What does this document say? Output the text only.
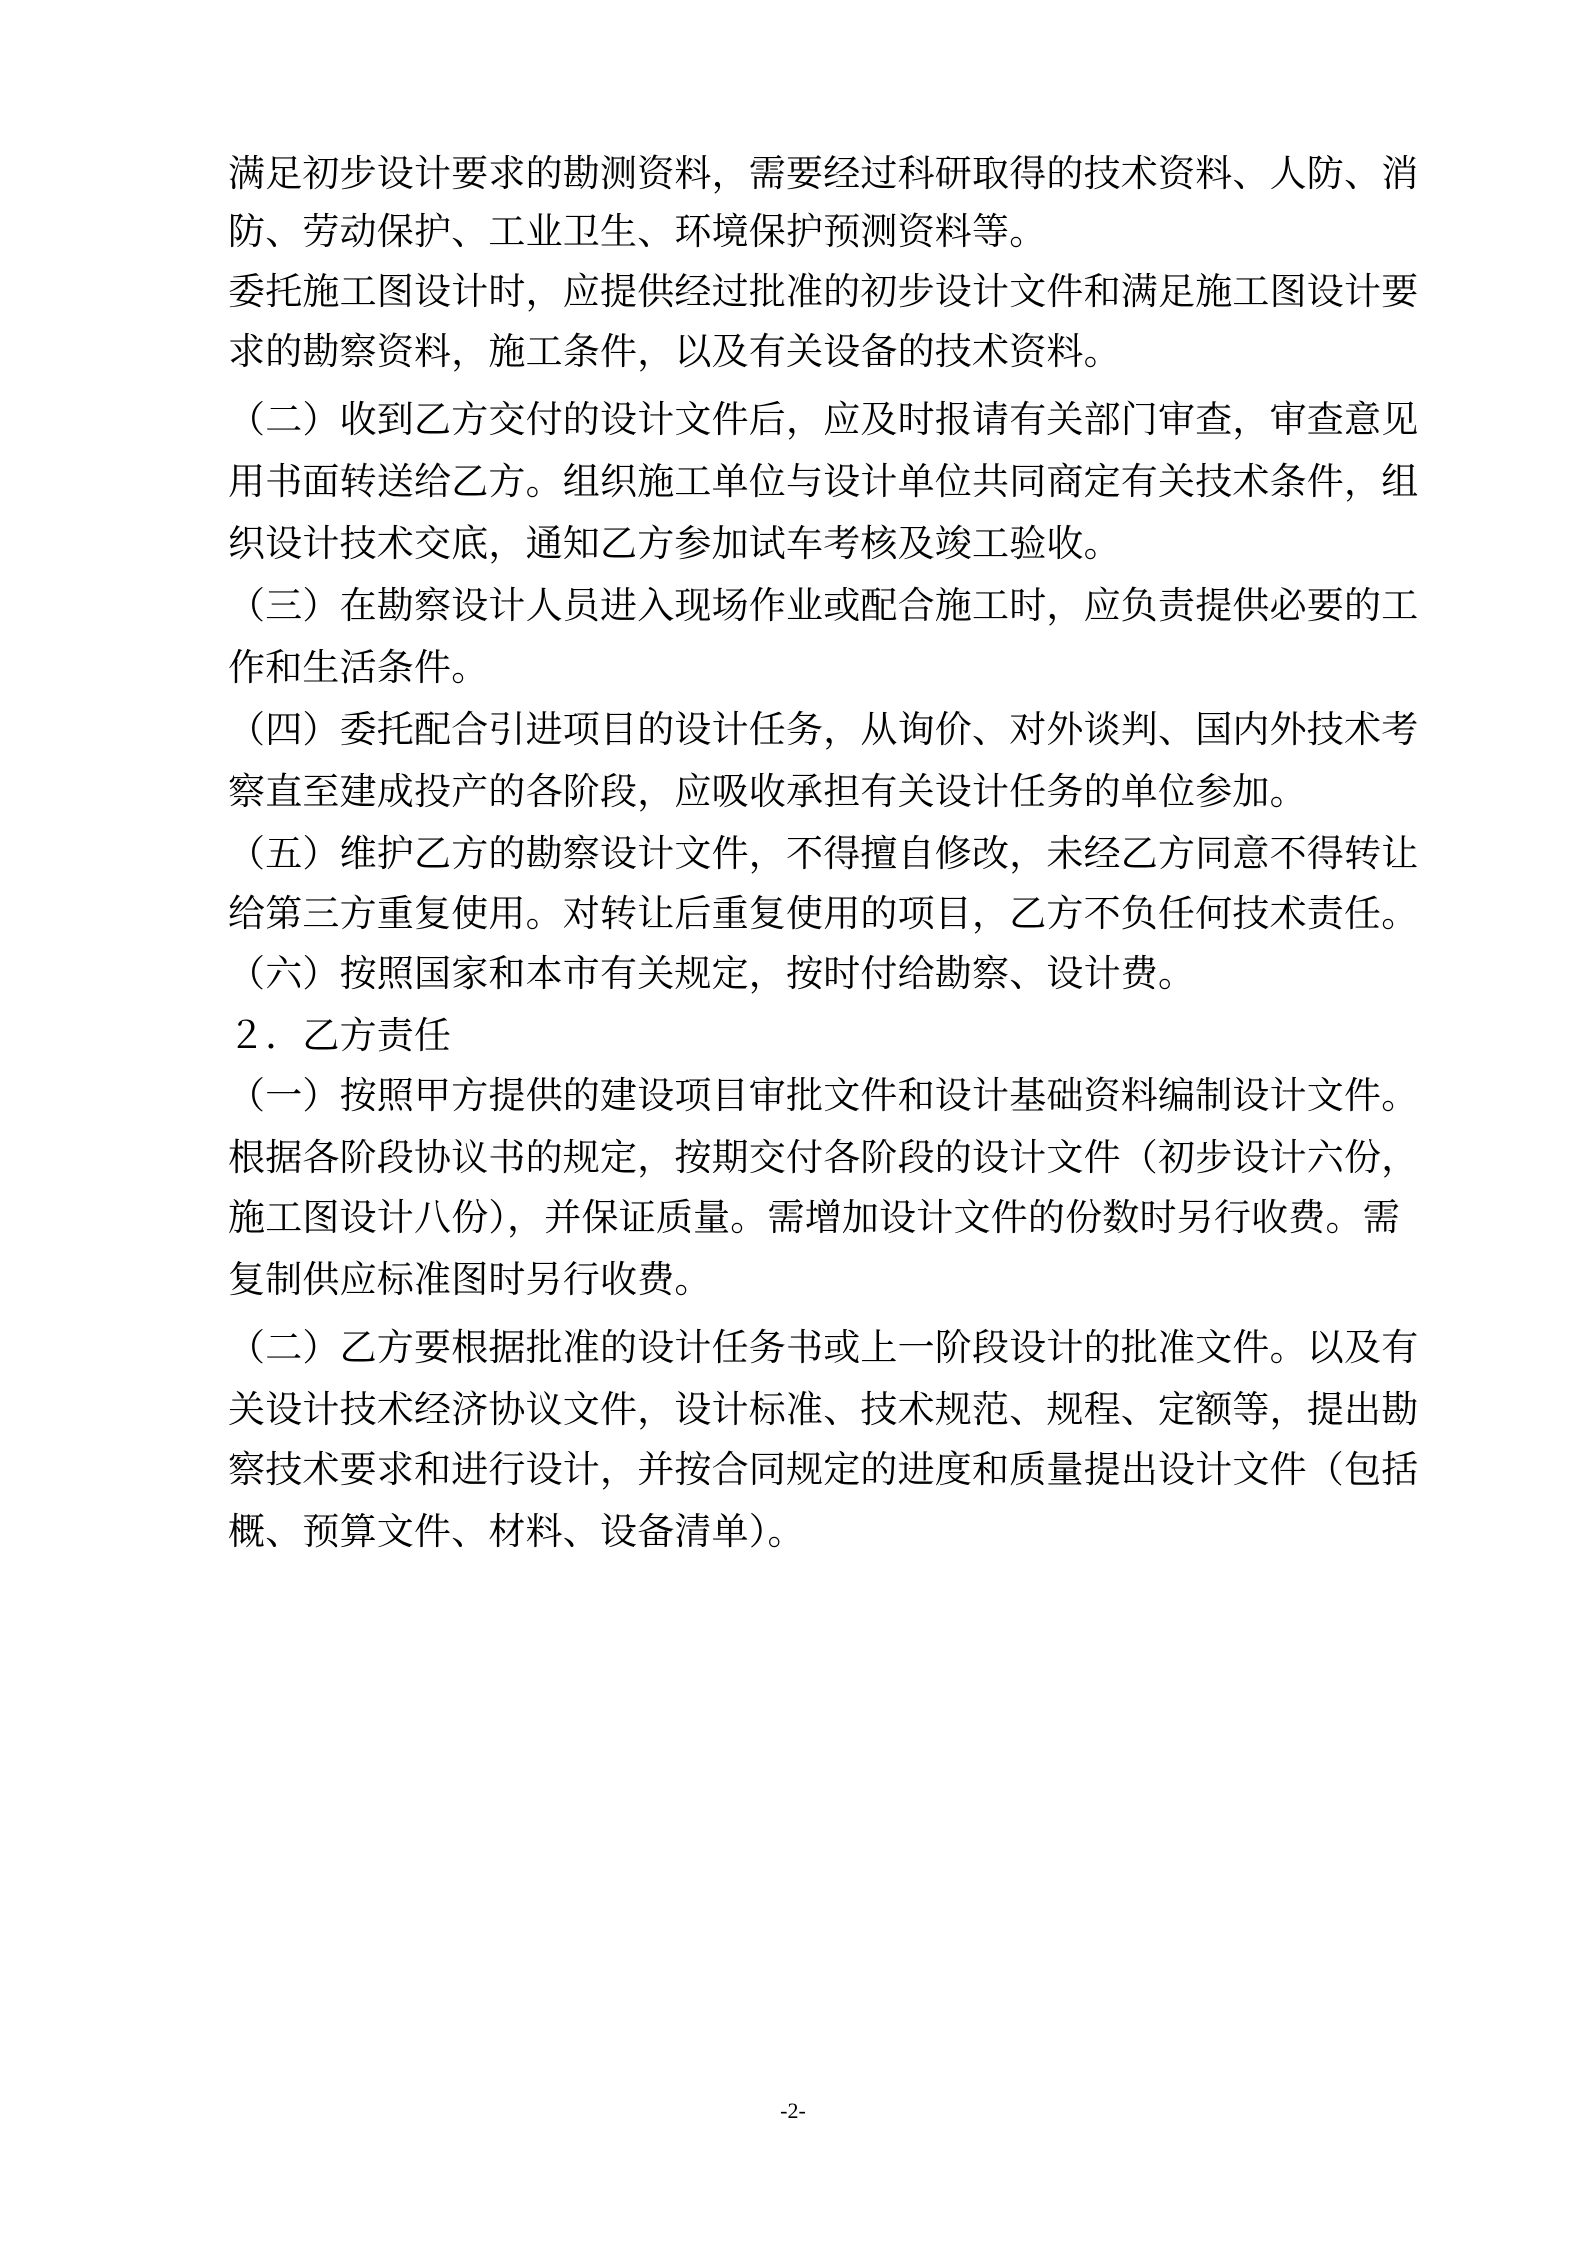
满足初步设计要求的勘测资料，需要经过科研取得的技术资料、人防、消
防、劳动保护、工业卫生、环境保护预测资料等。
委托施工图设计时，应提供经过批准的初步设计文件和满足施工图设计要
求的勘察资料，施工条件，以及有关设备的技术资料。
（二）收到乙方交付的设计文件后，应及时报请有关部门审查，审查意见
用书面转送给乙方。组织施工单位与设计单位共同商定有关技术条件，组
织设计技术交底，通知乙方参加试车考核及竣工验收。
（三）在勘察设计人员进入现场作业或配合施工时，应负责提供必要的工
作和生活条件。
（四）委托配合引进项目的设计任务，从询价、对外谈判、国内外技术考
察直至建成投产的各阶段，应吸收承担有关设计任务的单位参加。
（五）维护乙方的勘察设计文件，不得擅自修改，未经乙方同意不得转让
给第三方重复使用。对转让后重复使用的项目，乙方不负任何技术责任。
（六）按照国家和本市有关规定，按时付给勘察、设计费。
２．乙方责任
（一）按照甲方提供的建设项目审批文件和设计基础资料编制设计文件。
根据各阶段协议书的规定，按期交付各阶段的设计文件（初步设计六份，
施工图设计八份），并保证质量。需增加设计文件的份数时另行收费。需
复制供应标准图时另行收费。
（二）乙方要根据批准的设计任务书或上一阶段设计的批准文件。以及有
关设计技术经济协议文件，设计标准、技术规范、规程、定额等，提出勘
察技术要求和进行设计，并按合同规定的进度和质量提出设计文件（包括
概、预算文件、材料、设备清单）。
-2-
